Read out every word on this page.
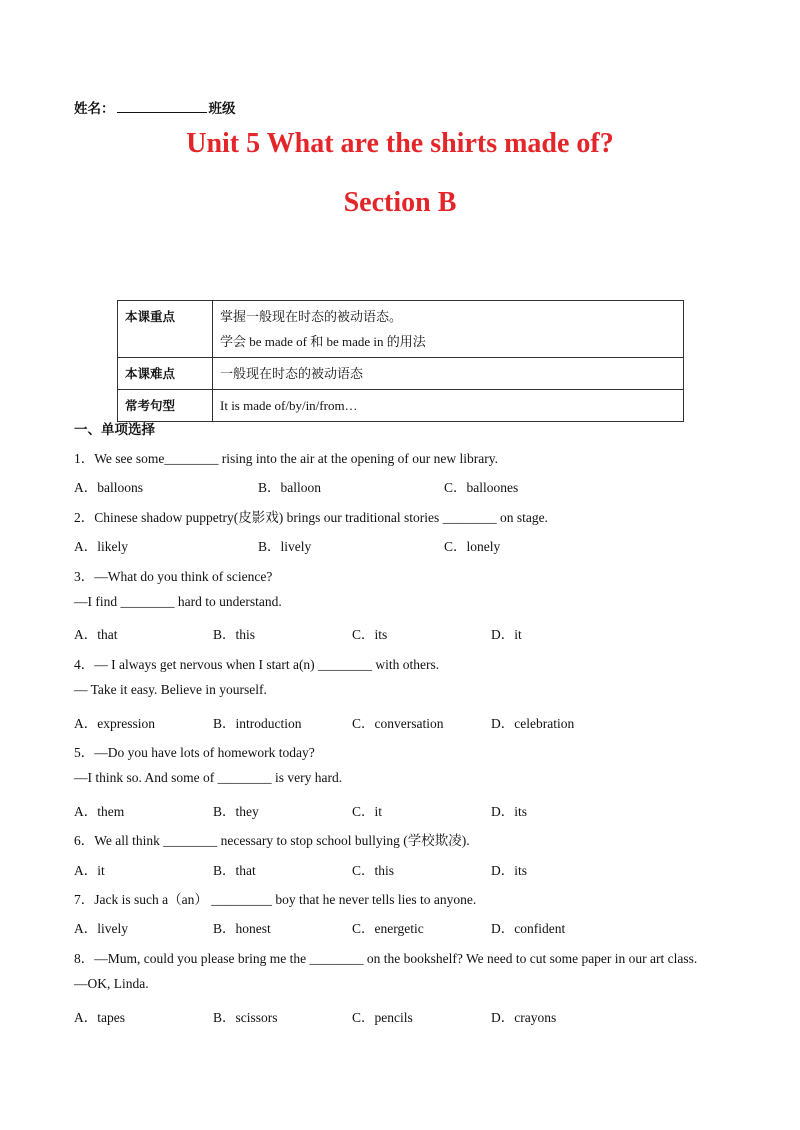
姓名：	班级
Unit 5 What are the shirts made of?
Section B
本课重点	掌握一般现在时态的被动语态。
学会 be made of 和 be made in 的用法

本课难点	一般现在时态的被动语态
常考句型	It is made of/by/in/from…
一、单项选择
1．We see some________ rising into the air at the opening of our new library.
A．balloons	B．balloon	C．balloones
2．Chinese shadow puppetry(皮影戏) brings our traditional stories ________ on stage.
A．likely	B．lively	C．lonely
3．—What do you think of science?
—I find ________ hard to understand.
A．that	B．this	C．its	D．it
4．— I always get nervous when I start a(n) ________ with others.
— Take it easy. Believe in yourself.
A．expression	B．introduction	C．conversation	D．celebration
5．—Do you have lots of homework today?
—I think so. And some of ________ is very hard.
A．them	B．they	C．it	D．its
6．We all think ________ necessary to stop school bullying (学校欺凌).
A．it	B．that	C．this	D．its
7．Jack is such a（an） _________ boy that he never tells lies to anyone.
A．lively	B．honest	C．energetic	D．confident
8．—Mum, could you please bring me the ________ on the bookshelf? We need to cut some paper in our art class.
—OK, Linda.
A．tapes	B．scissors	C．pencils	D．crayons
